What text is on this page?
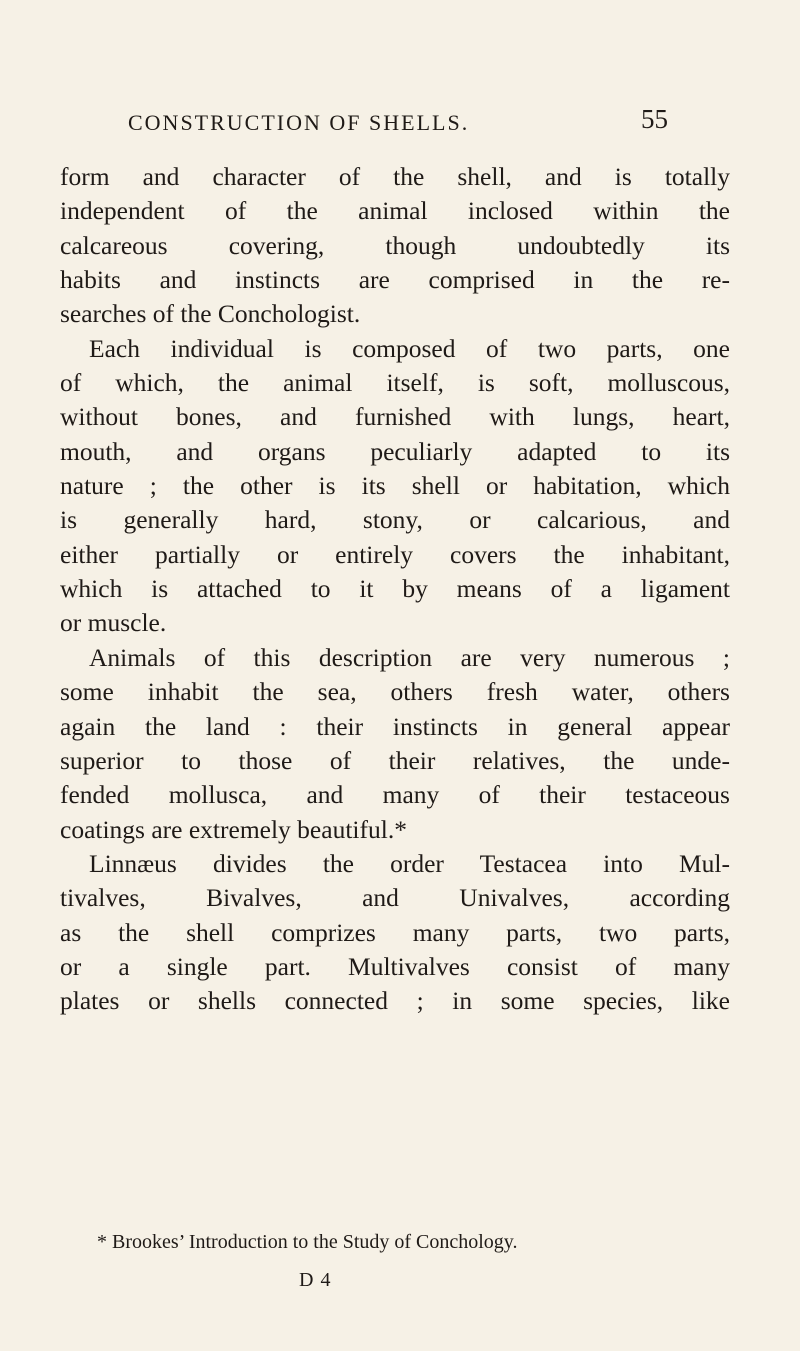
CONSTRUCTION OF SHELLS.	55
form and character of the shell, and is totally
independent of the animal inclosed within the
calcareous covering, though undoubtedly its
habits and instincts are comprised in the re-
searches of the Conchologist.
Each individual is composed of two parts, one
of which, the animal itself, is soft, molluscous,
without bones, and furnished with lungs, heart,
mouth, and organs peculiarly adapted to its
nature ; the other is its shell or habitation, which
is generally hard, stony, or calcarious, and
either partially or entirely covers the inhabitant,
which is attached to it by means of a ligament
or muscle.
Animals of this description are very numerous ;
some inhabit the sea, others fresh water, others
again the land : their instincts in general appear
superior to those of their relatives, the unde-
fended mollusca, and many of their testaceous
coatings are extremely beautiful.*
Linnæus divides the order Testacea into Mul-
tivalves, Bivalves, and Univalves, according
as the shell comprizes many parts, two parts,
or a single part. Multivalves consist of many
plates or shells connected ; in some species, like
* Brookes’ Introduction to the Study of Conchology.
D 4
